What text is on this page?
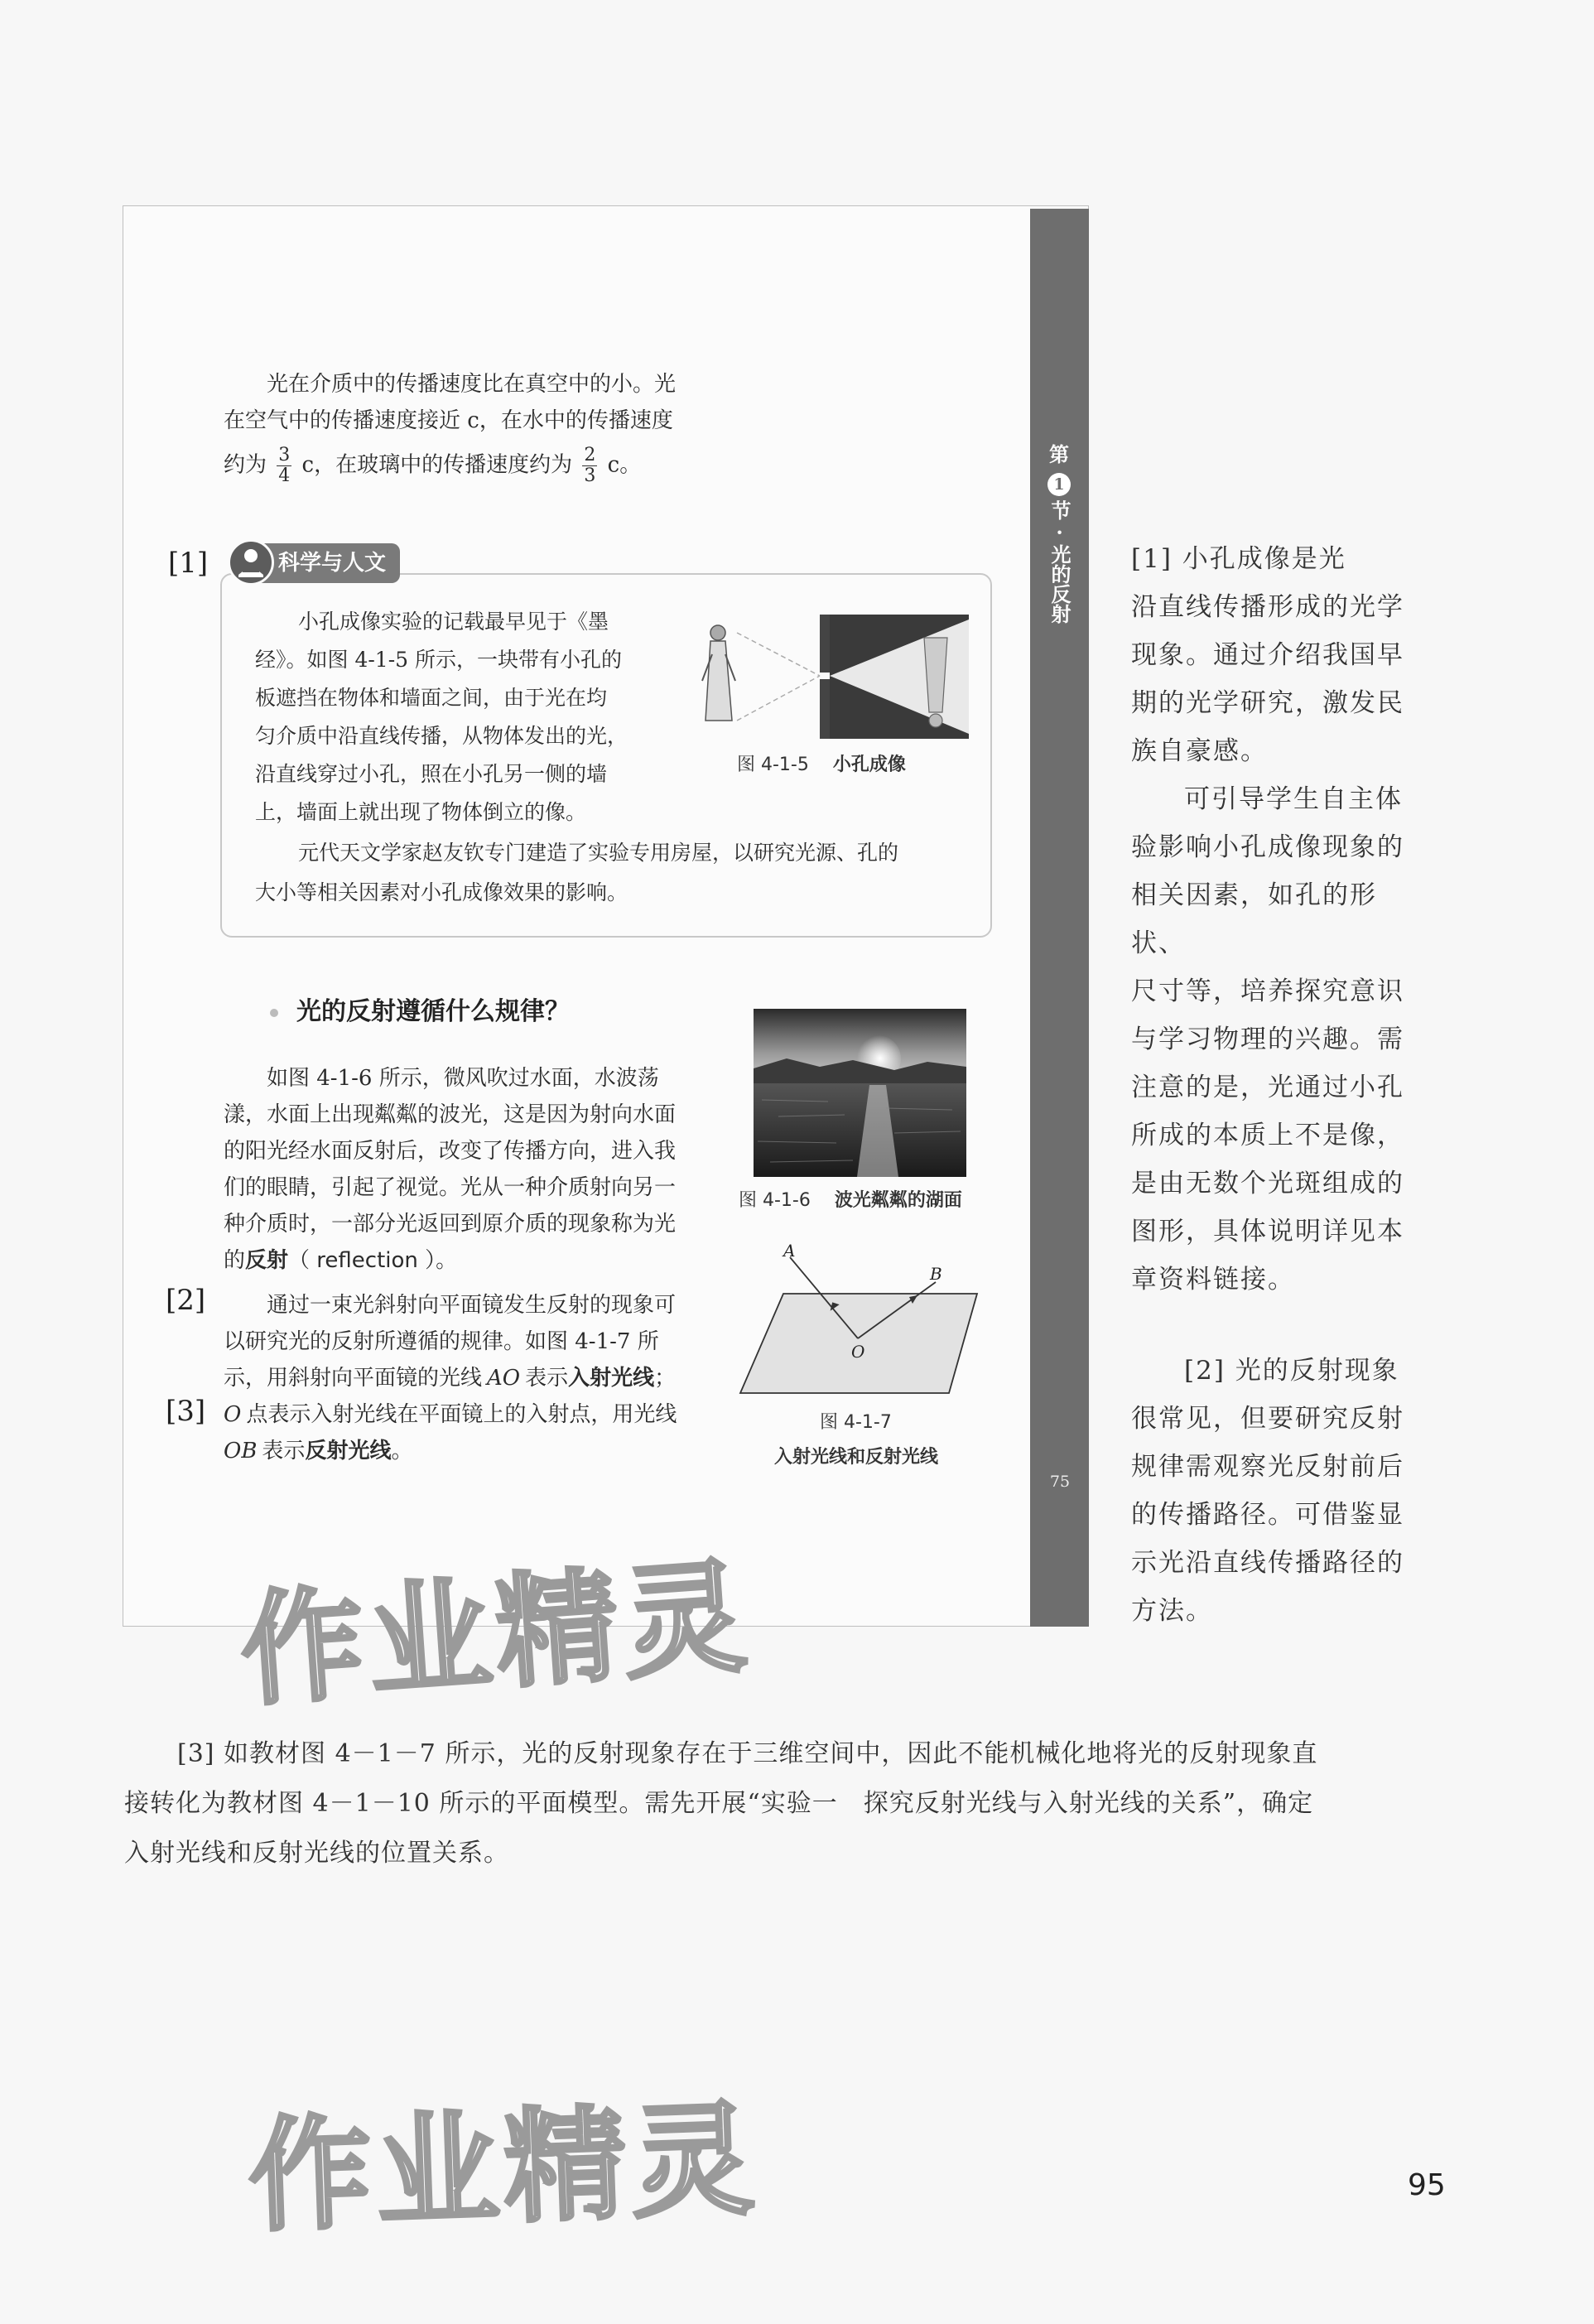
第
1
节·光的反射
75
光在介质中的传播速度比在真空中的小。光
在空气中的传播速度接近 c，在水中的传播速度
约为 $\frac{3}{4}$ c，在玻璃中的传播速度约为 $\frac{2}{3}$ c。
[1]	科学与人文
小孔成像实验的记载最早见于《墨
经》。如图 4-1-5 所示，一块带有小孔的
板遮挡在物体和墙面之间，由于光在均
匀介质中沿直线传播，从物体发出的光，
沿直线穿过小孔，照在小孔另一侧的墙
上，墙面上就出现了物体倒立的像。
元代天文学家赵友钦专门建造了实验专用房屋，以研究光源、孔的
大小等相关因素对小孔成像效果的影响。
图 4-1-5 小孔成像
光的反射遵循什么规律？
如图 4-1-6 所示，微风吹过水面，水波荡
漾，水面上出现粼粼的波光，这是因为射向水面
的阳光经水面反射后，改变了传播方向，进入我
们的眼睛，引起了视觉。光从一种介质射向另一
种介质时，一部分光返回到原介质的现象称为光
的反射（ reflection ）。
[2]
[3]
通过一束光斜射向平面镜发生反射的现象可
以研究光的反射所遵循的规律。如图 4-1-7 所
示，用斜射向平面镜的光线 AO 表示入射光线；
O 点表示入射光线在平面镜上的入射点，用光线
OB 表示反射光线。
图 4-1-6 波光粼粼的湖面
A
B
O
图 4-1-7
入射光线和反射光线
[1] 小孔成像是光
沿直线传播形成的光学
现象。通过介绍我国早
期的光学研究，激发民
族自豪感。
可引导学生自主体
验影响小孔成像现象的
相关因素，如孔的形状、
尺寸等，培养探究意识
与学习物理的兴趣。需
注意的是，光通过小孔
所成的本质上不是像，
是由无数个光斑组成的
图形，具体说明详见本
章资料链接。
[2] 光的反射现象
很常见，但要研究反射
规律需观察光反射前后
的传播路径。可借鉴显
示光沿直线传播路径的
方法。
[3] 如教材图 4－1－7 所示，光的反射现象存在于三维空间中，因此不能机械化地将光的反射现象直
接转化为教材图 4－1－10 所示的平面模型。需先开展“实验一　探究反射光线与入射光线的关系”，确定
入射光线和反射光线的位置关系。
作业精灵
作业精灵	95
